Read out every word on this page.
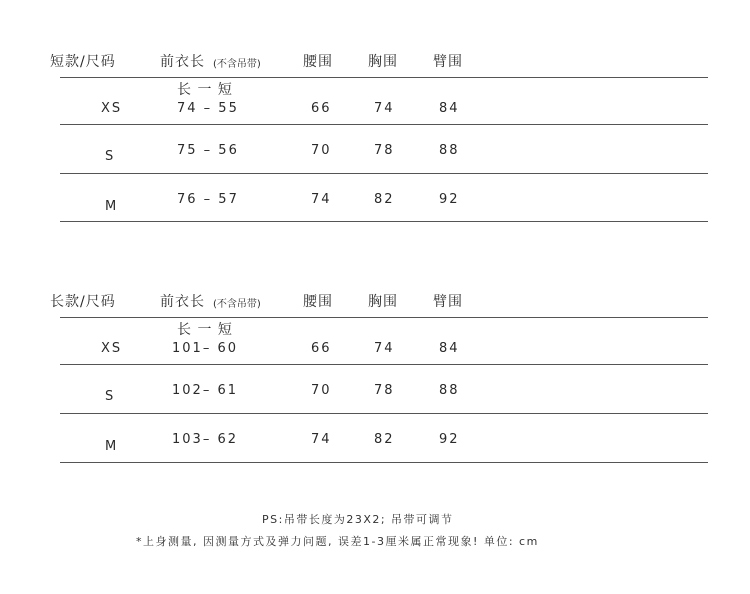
短款/尺码	前衣长 (不含吊带)	腰围	胸围	臂围
长 一 短
XS	74 – 55	66	74	84
S	75 – 56	70	78	88
M	76 – 57	74	82	92
长款/尺码	前衣长 (不含吊带)	腰围	胸围	臂围
长 一 短
XS	101– 60	66	74	84
S	102– 61	70	78	88
M	103– 62	74	82	92
PS:吊带长度为23X2; 吊带可调节
*上身测量, 因测量方式及弹力问题, 误差1-3厘米属正常现象! 单位: cm
